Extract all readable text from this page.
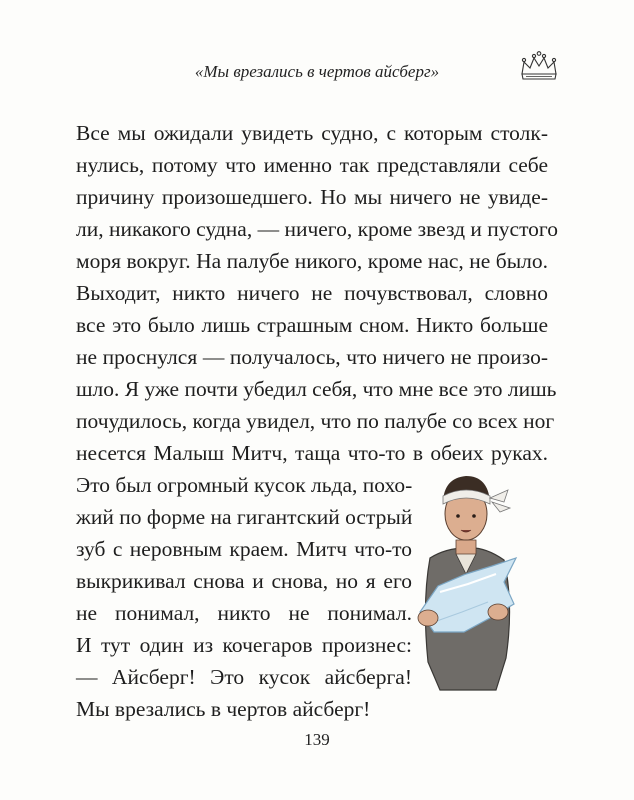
«Мы врезались в чертов айсберг»
Все мы ожидали увидеть судно, с которым столк-
нулись, потому что именно так представляли себе
причину произошедшего. Но мы ничего не увиде-
ли, никакого судна, — ничего, кроме звезд и пустого
моря вокруг. На палубе никого, кроме нас, не было.
Выходит, никто ничего не почувствовал, словно
все это было лишь страшным сном. Никто больше
не проснулся — получалось, что ничего не произо-
шло. Я уже почти убедил себя, что мне все это лишь
почудилось, когда увидел, что по палубе со всех ног
несется Малыш Митч, таща что-то в обеих руках.
Это был огромный кусок льда, похо-
жий по форме на гигантский острый
зуб с неровным краем. Митч что-то
выкрикивал снова и снова, но я его
не понимал, никто не понимал.
И тут один из кочегаров произнес:
— Айсберг! Это кусок айсберга!
Мы врезались в чертов айсберг!
139
